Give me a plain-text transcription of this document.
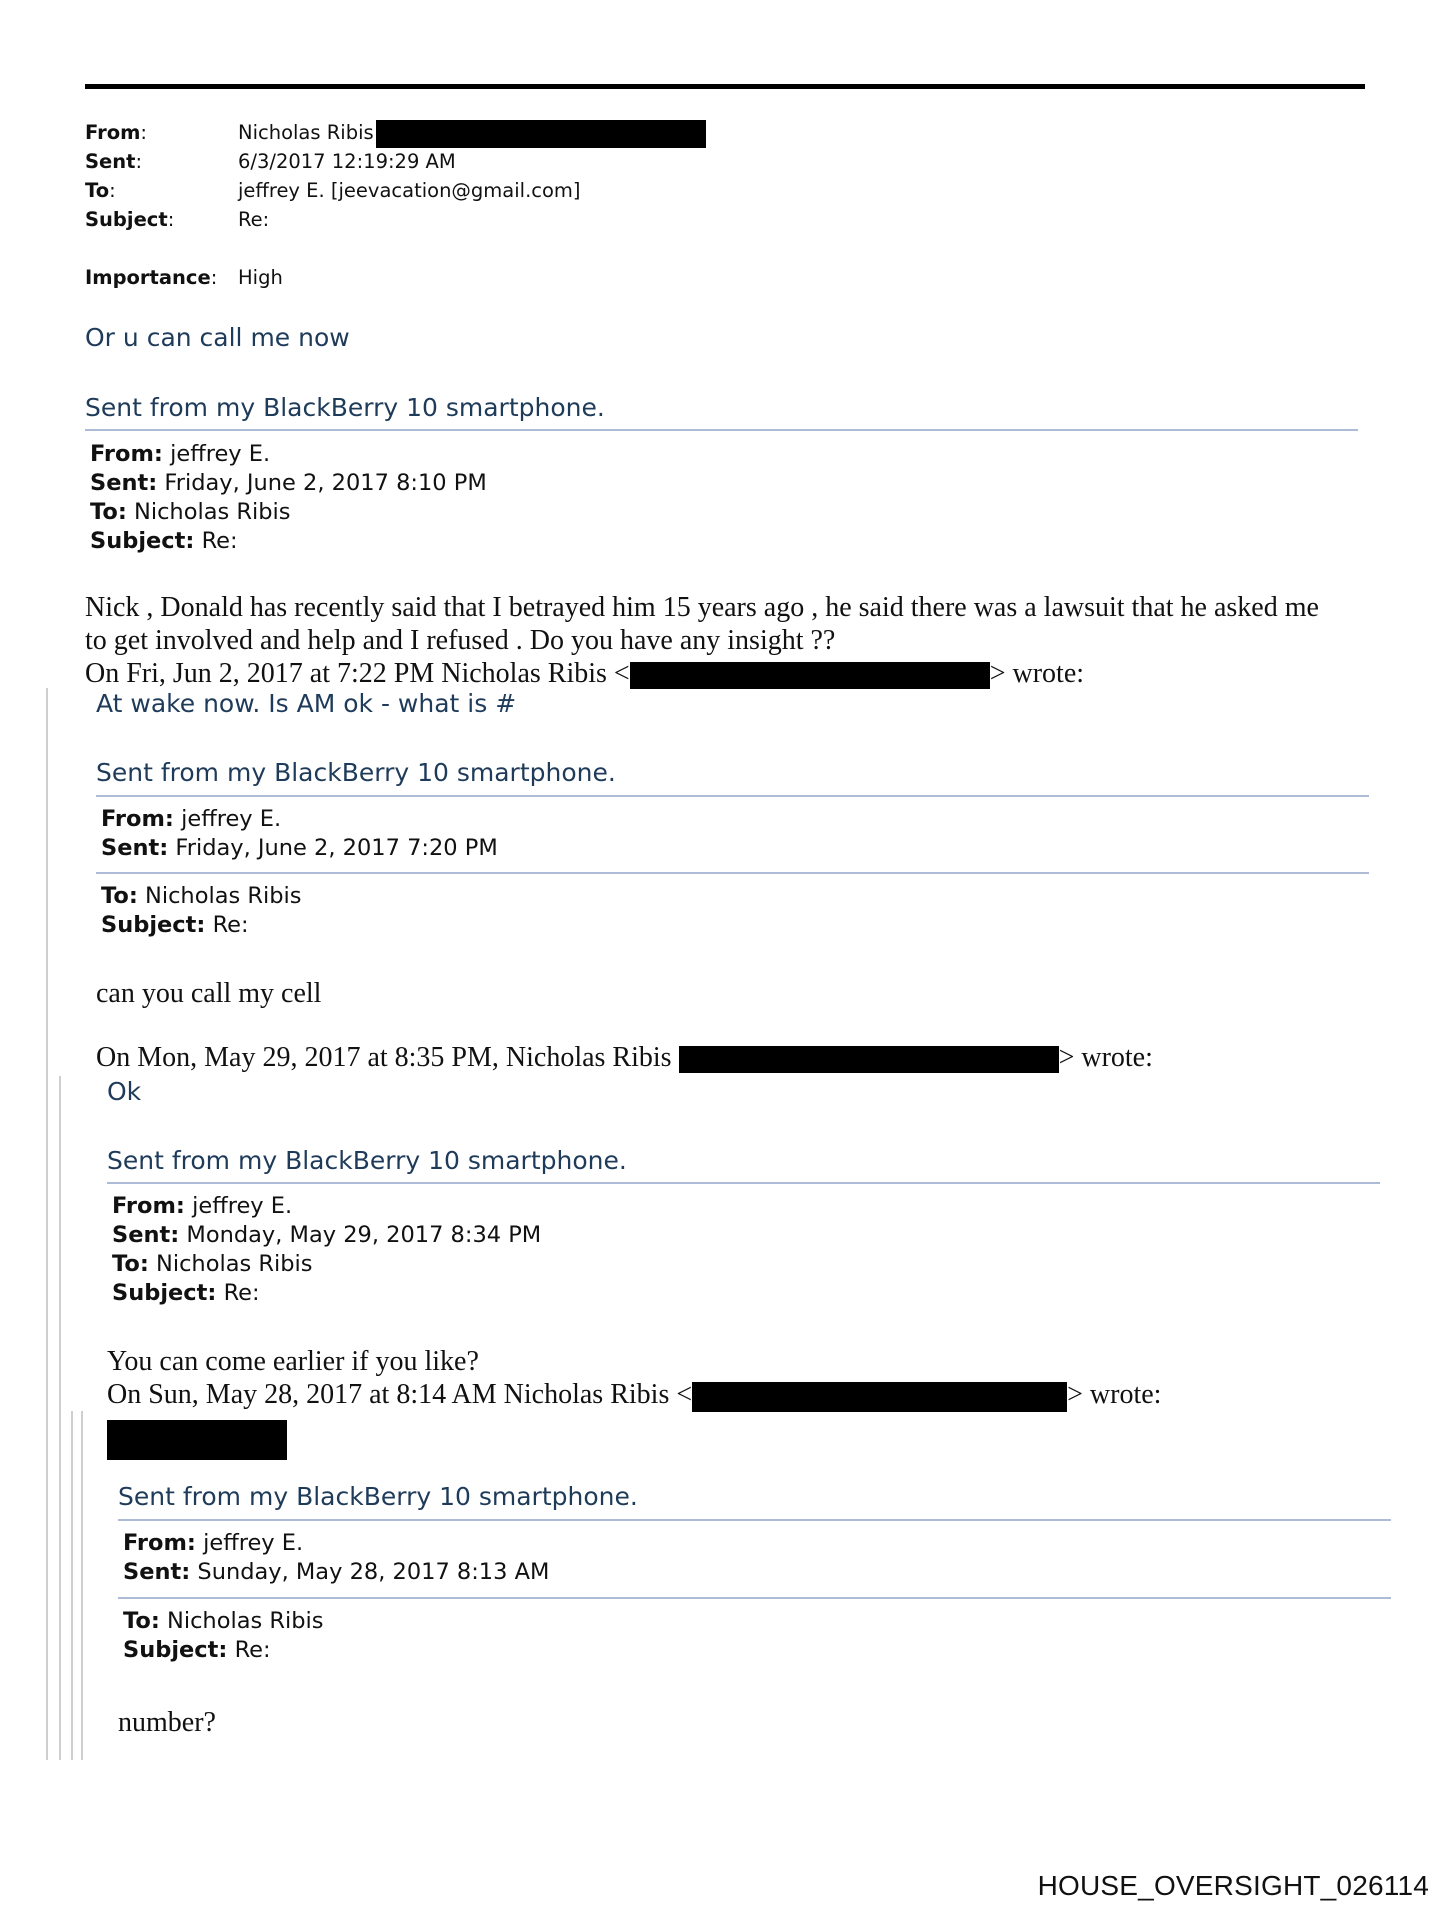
From:	Nicholas Ribis
Sent:	6/3/2017 12:19:29 AM
To:	jeffrey E. [jeevacation@gmail.com]
Subject:	Re:
Importance:	High
Or u can call me now
Sent from my BlackBerry 10 smartphone.
From: jeffrey E.
Sent: Friday, June 2, 2017 8:10 PM
To: Nicholas Ribis
Subject: Re:
Nick , Donald has recently said that I betrayed him 15 years ago , he said there was a lawsuit that he asked me
to get involved and help and I refused . Do you have any insight ??
On Fri, Jun 2, 2017 at 7:22 PM Nicholas Ribis <	> wrote:
At wake now. Is AM ok - what is #
Sent from my BlackBerry 10 smartphone.
From: jeffrey E.
Sent: Friday, June 2, 2017 7:20 PM
To: Nicholas Ribis
Subject: Re:
can you call my cell
On Mon, May 29, 2017 at 8:35 PM, Nicholas Ribis	> wrote:
Ok
Sent from my BlackBerry 10 smartphone.
From: jeffrey E.
Sent: Monday, May 29, 2017 8:34 PM
To: Nicholas Ribis
Subject: Re:
You can come earlier if you like?
On Sun, May 28, 2017 at 8:14 AM Nicholas Ribis <	> wrote:
Sent from my BlackBerry 10 smartphone.
From: jeffrey E.
Sent: Sunday, May 28, 2017 8:13 AM
To: Nicholas Ribis
Subject: Re:
number?
HOUSE_OVERSIGHT_026114
